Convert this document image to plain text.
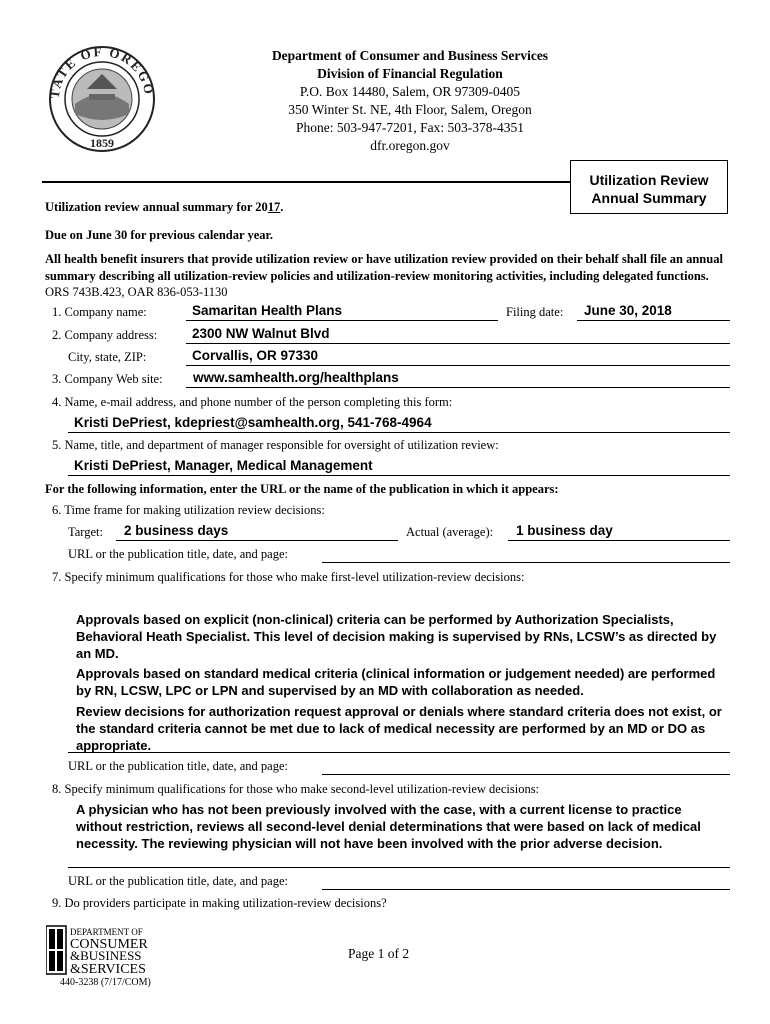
TATE OF OREGO
1859
Department of Consumer and Business Services
Division of Financial Regulation
P.O. Box 14480, Salem, OR 97309-0405
350 Winter St. NE, 4th Floor, Salem, Oregon
Phone: 503-947-7201, Fax: 503-378-4351
dfr.oregon.gov
Utilization Review
Annual Summary
Utilization review annual summary for 2017.
Due on June 30 for previous calendar year.
All health benefit insurers that provide utilization review or have utilization review provided on their behalf shall file an annual summary describing all utilization-review policies and utilization-review monitoring activities, including delegated functions. ORS 743B.423, OAR 836-053-1130
1. Company name:	Samaritan Health Plans	Filing date: June 30, 2018
2. Company address:	2300 NW Walnut Blvd
City, state, ZIP:	Corvallis, OR 97330
3. Company Web site: www.samhealth.org/healthplans
4. Name, e-mail address, and phone number of the person completing this form:
Kristi DePriest, kdepriest@samhealth.org, 541-768-4964
5. Name, title, and department of manager responsible for oversight of utilization review:
Kristi DePriest, Manager, Medical Management
For the following information, enter the URL or the name of the publication in which it appears:
6. Time frame for making utilization review decisions:
Target: 2 business days	Actual (average): 1 business day
URL or the publication title, date, and page:
7. Specify minimum qualifications for those who make first-level utilization-review decisions:
Approvals based on explicit (non-clinical) criteria can be performed by Authorization Specialists, Behavioral Heath Specialist. This level of decision making is supervised by RNs, LCSW’s as directed by an MD.
Approvals based on standard medical criteria (clinical information or judgement needed) are performed by RN, LCSW, LPC or LPN and supervised by an MD with collaboration as needed.
Review decisions for authorization request approval or denials where standard criteria does not exist, or the standard criteria cannot be met due to lack of medical necessity are performed by an MD or DO as appropriate.
URL or the publication title, date, and page:
8. Specify minimum qualifications for those who make second-level utilization-review decisions:
A physician who has not been previously involved with the case, with a current license to practice without restriction, reviews all second-level denial determinations that were based on lack of medical necessity. The reviewing physician will not have been involved with the prior adverse decision.
URL or the publication title, date, and page:
9. Do providers participate in making utilization-review decisions?
DEPARTMENT OF
CONSUMER
&BUSINESS
&SERVICES
440-3238 (7/17/COM)
Page 1 of 2
